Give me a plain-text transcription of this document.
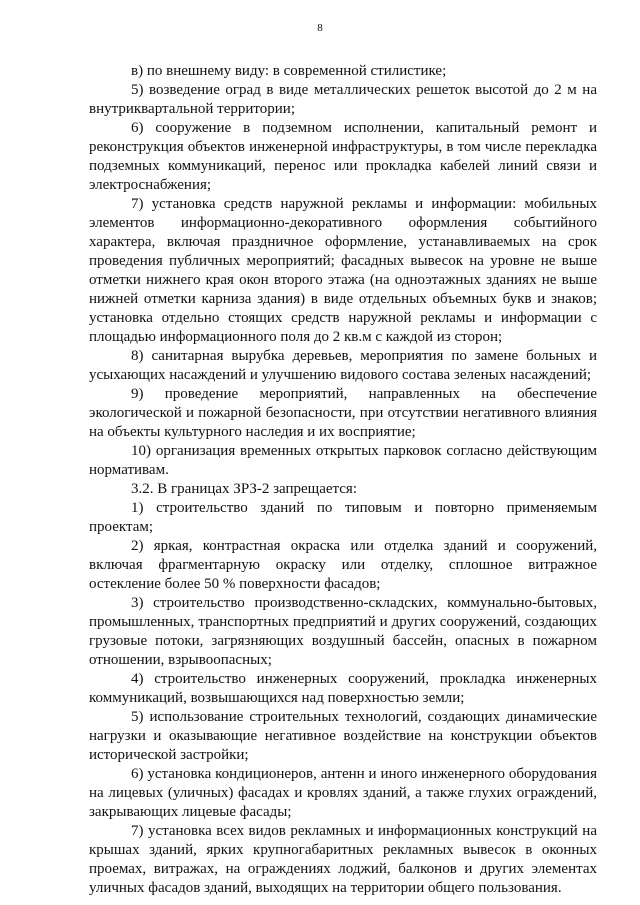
8

в) по внешнему виду: в современной стилистике;

5) возведение оград в виде металлических решеток высотой до 2 м на внутриквартальной территории;

6) сооружение в подземном исполнении, капитальный ремонт и реконструкция объектов инженерной инфраструктуры, в том числе перекладка подземных коммуникаций, перенос или прокладка кабелей линий связи и электроснабжения;

7) установка средств наружной рекламы и информации: мобильных элементов информационно-декоративного оформления событийного характера, включая праздничное оформление, устанавливаемых на срок проведения публичных мероприятий; фасадных вывесок на уровне не выше отметки нижнего края окон второго этажа (на одноэтажных зданиях не выше нижней отметки карниза здания) в виде отдельных объемных букв и знаков; установка отдельно стоящих средств наружной рекламы и информации с площадью информационного поля до 2 кв.м с каждой из сторон;

8) санитарная вырубка деревьев, мероприятия по замене больных и усыхающих насаждений и улучшению видового состава зеленых насаждений;

9) проведение мероприятий, направленных на обеспечение экологической и пожарной безопасности, при отсутствии негативного влияния на объекты культурного наследия и их восприятие;

10) организация временных открытых парковок согласно действующим нормативам.

3.2. В границах ЗРЗ-2 запрещается:

1) строительство зданий по типовым и повторно применяемым проектам;

2) яркая, контрастная окраска или отделка зданий и сооружений, включая фрагментарную окраску или отделку, сплошное витражное остекление более 50 % поверхности фасадов;

3) строительство производственно-складских, коммунально-бытовых, промышленных, транспортных предприятий и других сооружений, создающих грузовые потоки, загрязняющих воздушный бассейн, опасных в пожарном отношении, взрывоопасных;

4) строительство инженерных сооружений, прокладка инженерных коммуникаций, возвышающихся над поверхностью земли;

5) использование строительных технологий, создающих динамические нагрузки и оказывающие негативное воздействие на конструкции объектов исторической застройки;

6) установка кондиционеров, антенн и иного инженерного оборудования на лицевых (уличных) фасадах и кровлях зданий, а также глухих ограждений, закрывающих лицевые фасады;

7) установка всех видов рекламных и информационных конструкций на крышах зданий, ярких крупногабаритных рекламных вывесок в оконных проемах, витражах, на ограждениях лоджий, балконов и других элементах уличных фасадов зданий, выходящих на территории общего пользования.
